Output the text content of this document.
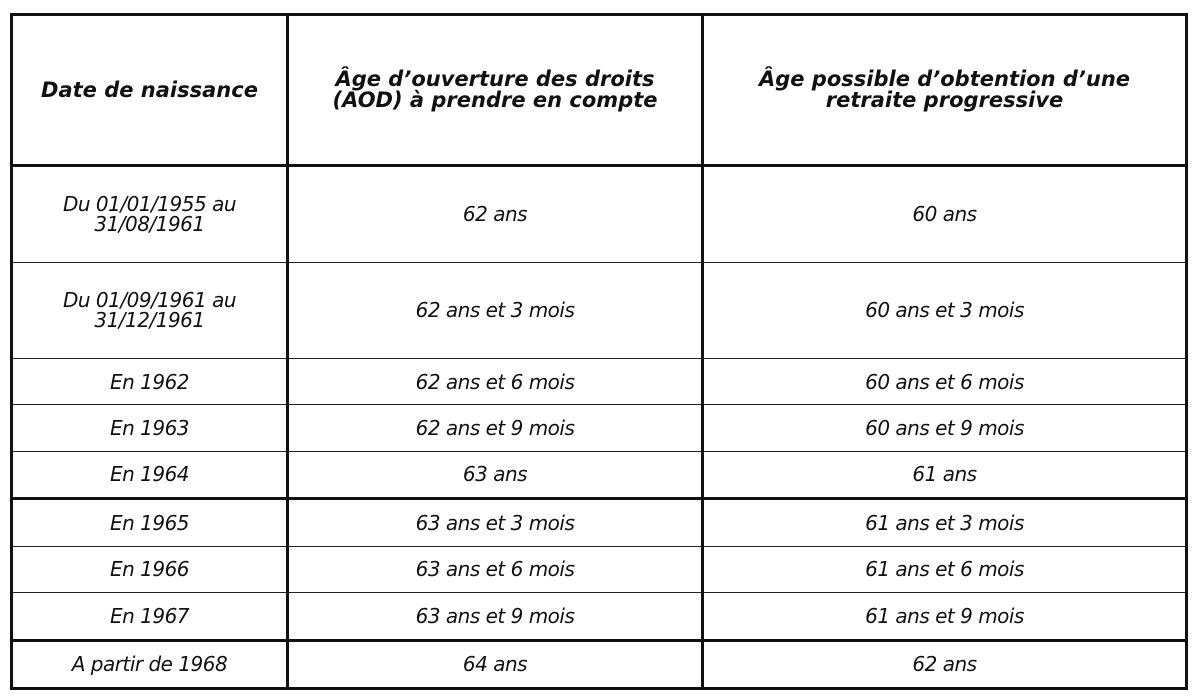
Date de naissance	Âge d’ouverture des droits (AOD) à prendre en compte	Âge possible d’obtention d’une retraite progressive
Du 01/01/1955 au 31/08/1961	62 ans	60 ans
Du 01/09/1961 au 31/12/1961	62 ans et 3 mois	60 ans et 3 mois
En 1962	62 ans et 6 mois	60 ans et 6 mois
En 1963	62 ans et 9 mois	60 ans et 9 mois
En 1964	63 ans	61 ans
En 1965	63 ans et 3 mois	61 ans et 3 mois
En 1966	63 ans et 6 mois	61 ans et 6 mois
En 1967	63 ans et 9 mois	61 ans et 9 mois
A partir de 1968	64 ans	62 ans
